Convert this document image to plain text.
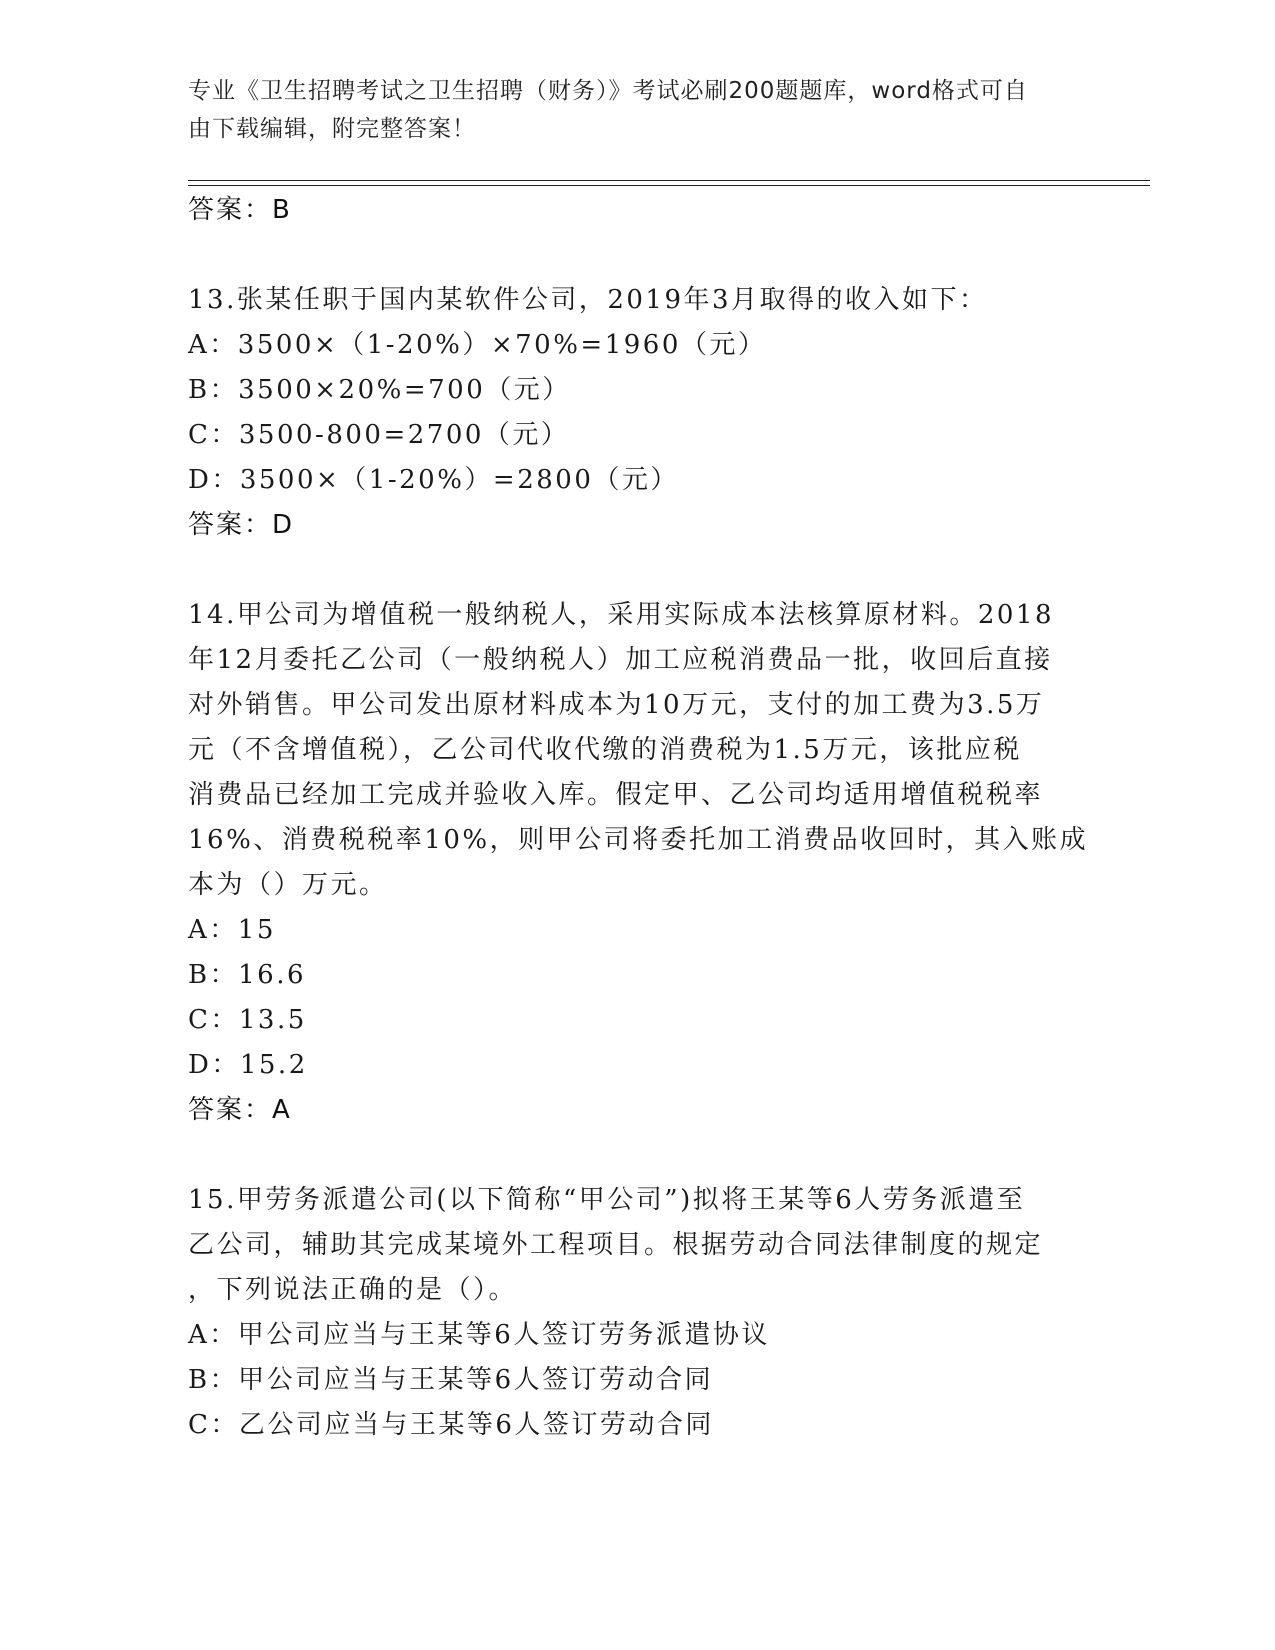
专业《卫生招聘考试之卫生招聘（财务）》考试必刷200题题库，word格式可自
由下载编辑，附完整答案！
答案：B
13.张某任职于国内某软件公司，2019年3月取得的收入如下：
A：3500×（1-20%）×70%=1960（元）
B：3500×20%=700（元）
C：3500-800=2700（元）
D：3500×（1-20%）=2800（元）
答案：D
14.甲公司为增值税一般纳税人，采用实际成本法核算原材料。2018
年12月委托乙公司（一般纳税人）加工应税消费品一批，收回后直接
对外销售。甲公司发出原材料成本为10万元，支付的加工费为3.5万
元（不含增值税），乙公司代收代缴的消费税为1.5万元，该批应税
消费品已经加工完成并验收入库。假定甲、乙公司均适用增值税税率
16%、消费税税率10%，则甲公司将委托加工消费品收回时，其入账成
本为（）万元。
A：15
B：16.6
C：13.5
D：15.2
答案：A
15.甲劳务派遣公司(以下简称“甲公司”)拟将王某等6人劳务派遣至
乙公司，辅助其完成某境外工程项目。根据劳动合同法律制度的规定
，下列说法正确的是（）。
A：甲公司应当与王某等6人签订劳务派遣协议
B：甲公司应当与王某等6人签订劳动合同
C：乙公司应当与王某等6人签订劳动合同
